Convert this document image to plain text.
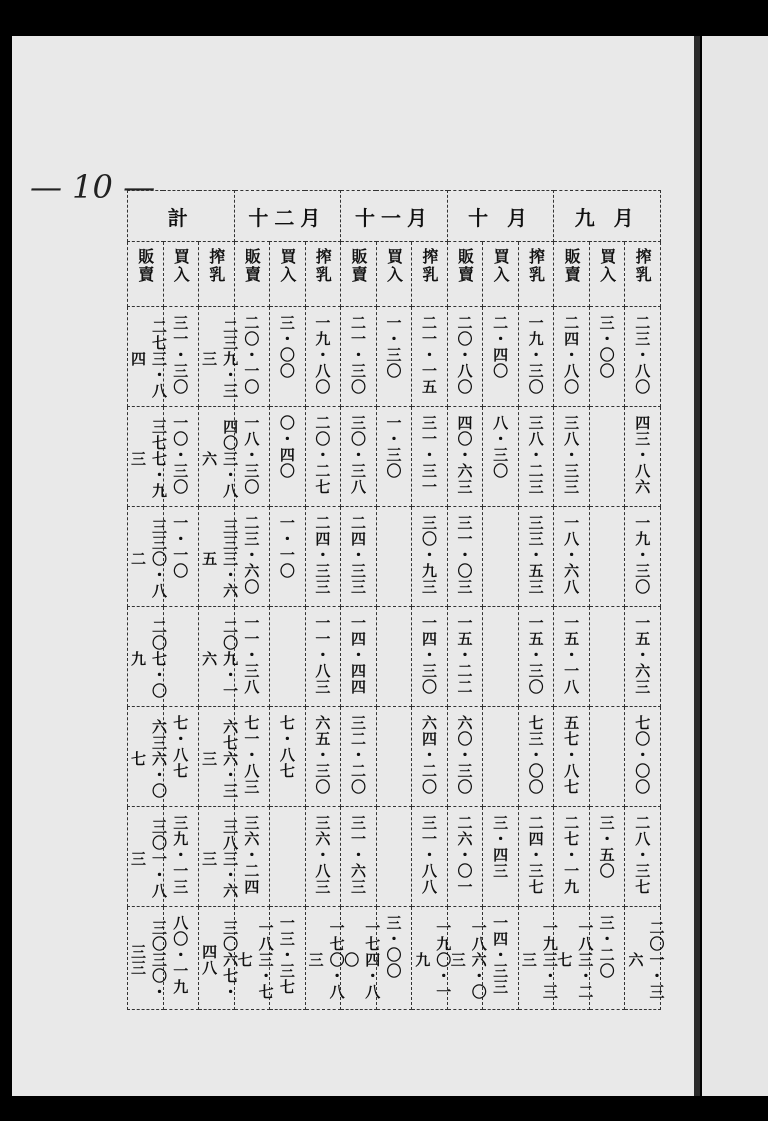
— 10 —
計			十二月			十一月			十 月			九 月		
販賣	買入	搾乳	販賣	買入	搾乳	販賣	買入	搾乳	販賣	買入	搾乳	販賣	買入	搾乳
二七三・八四	三一・三〇	二三九・三三	二〇・一〇	三・〇〇	一九・八〇	二一・三〇	一・三〇	二一・一五	二〇・八〇	二・四〇	一九・三〇	二四・八〇	三・〇〇	二三・八〇
三七七・九三	一〇・三〇	四〇三・八六	一八・三〇	〇・四〇	二〇・二七	三〇・三八	一・三〇	三一・三一	四〇・六三	八・三〇	三八・二三	三八・三三		四三・八六
三三〇・八二	一・一〇	三三三・六五	二三・六〇	一・一〇	二四・三三	二四・三三		三〇・九三	三一・〇三		三三・五三	一八・六八		一九・三〇
二〇七・〇九		二〇九・一六	一一・三八		一一・八三	一四・四四		一四・三〇	一五・二二		一五・三〇	一五・一八		一五・六三
六三六・〇七	七・八七	六七六・三三	七一・八三	七・八七	六五・三〇	三二・二〇		六四・二〇	六〇・三〇		七三・〇〇	五七・八七		七〇・〇〇
三〇一・八三	三九・一三	三八三・六三	三六・二四		三六・八三	三一・六三		三一・八八	二六・〇一	三・四三	二四・三七	二七・一九	三・五〇	二八・三七
三〇三〇・三三	八〇・一九	三〇六七・四八	一八三・七七	一三・三七	一七〇・八三	一七四・八〇	三・〇〇	一九〇・一九	一八六・〇三	一四・三三	一九三・三三	一八三・二七	三・二〇	二〇一・三六
